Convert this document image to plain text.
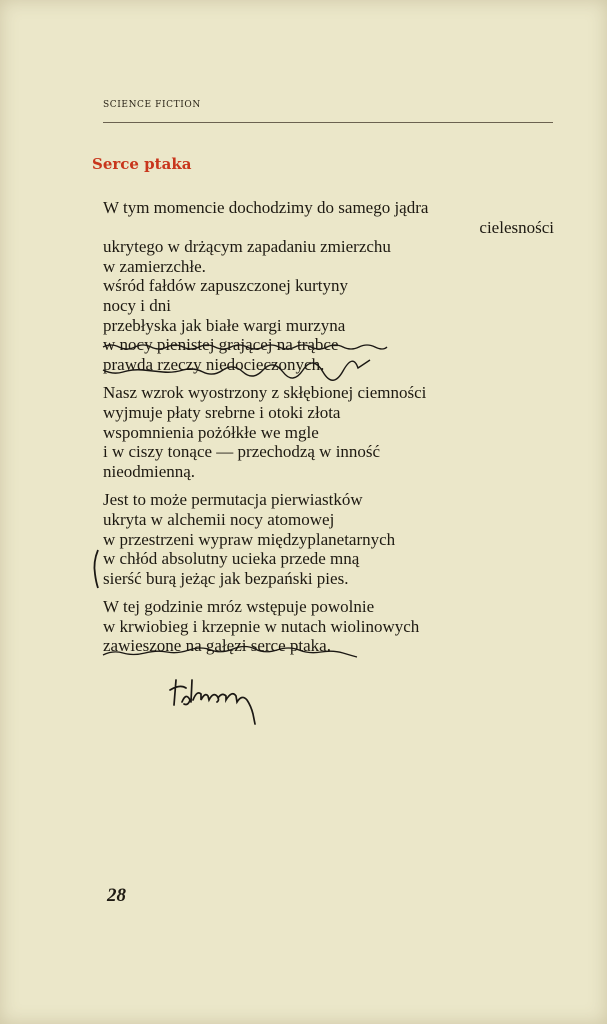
SCIENCE FICTION
Serce ptaka
W tym momencie dochodzimy do samego jądra
cielesności
ukrytego w drżącym zapadaniu zmierzchu
w zamierzchłe.
wśród fałdów zapuszczonej kurtyny
nocy i dni
przebłyska jak białe wargi murzyna
w nocy pienistej grającej na trąbce
prawda rzeczy niedocieczonych.
Nasz wzrok wyostrzony z skłębionej ciemności
wyjmuje płaty srebrne i otoki złota
wspomnienia pożółkłe we mgle
i w ciszy tonące — przechodzą w inność
nieodmienną.
Jest to może permutacja pierwiastków
ukryta w alchemii nocy atomowej
w przestrzeni wypraw międzyplanetarnych
w chłód absolutny ucieka przede mną
sierść burą jeżąc jak bezpański pies.
W tej godzinie mróz wstępuje powolnie
w krwiobieg i krzepnie w nutach wiolinowych
zawieszone na gałęzi serce ptaka.
28
